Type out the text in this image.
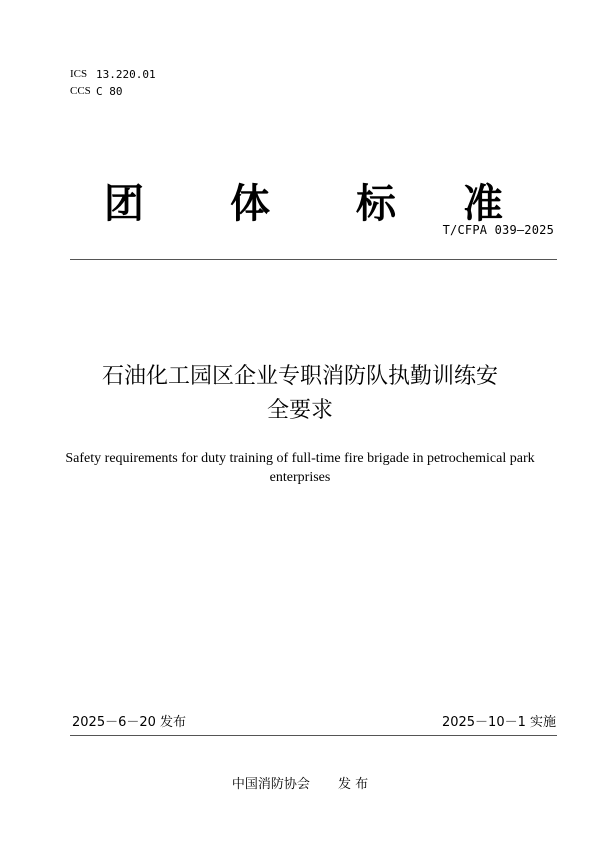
ICS 13.220.01
CCS C 80
团 体 标 准
T/CFPA 039—2025
石油化工园区企业专职消防队执勤训练安
全要求
Safety requirements for duty training of full-time fire brigade in petrochemical park
enterprises
2025－6－20 发布	2025－10－1 实施
中国消防协会 发 布
